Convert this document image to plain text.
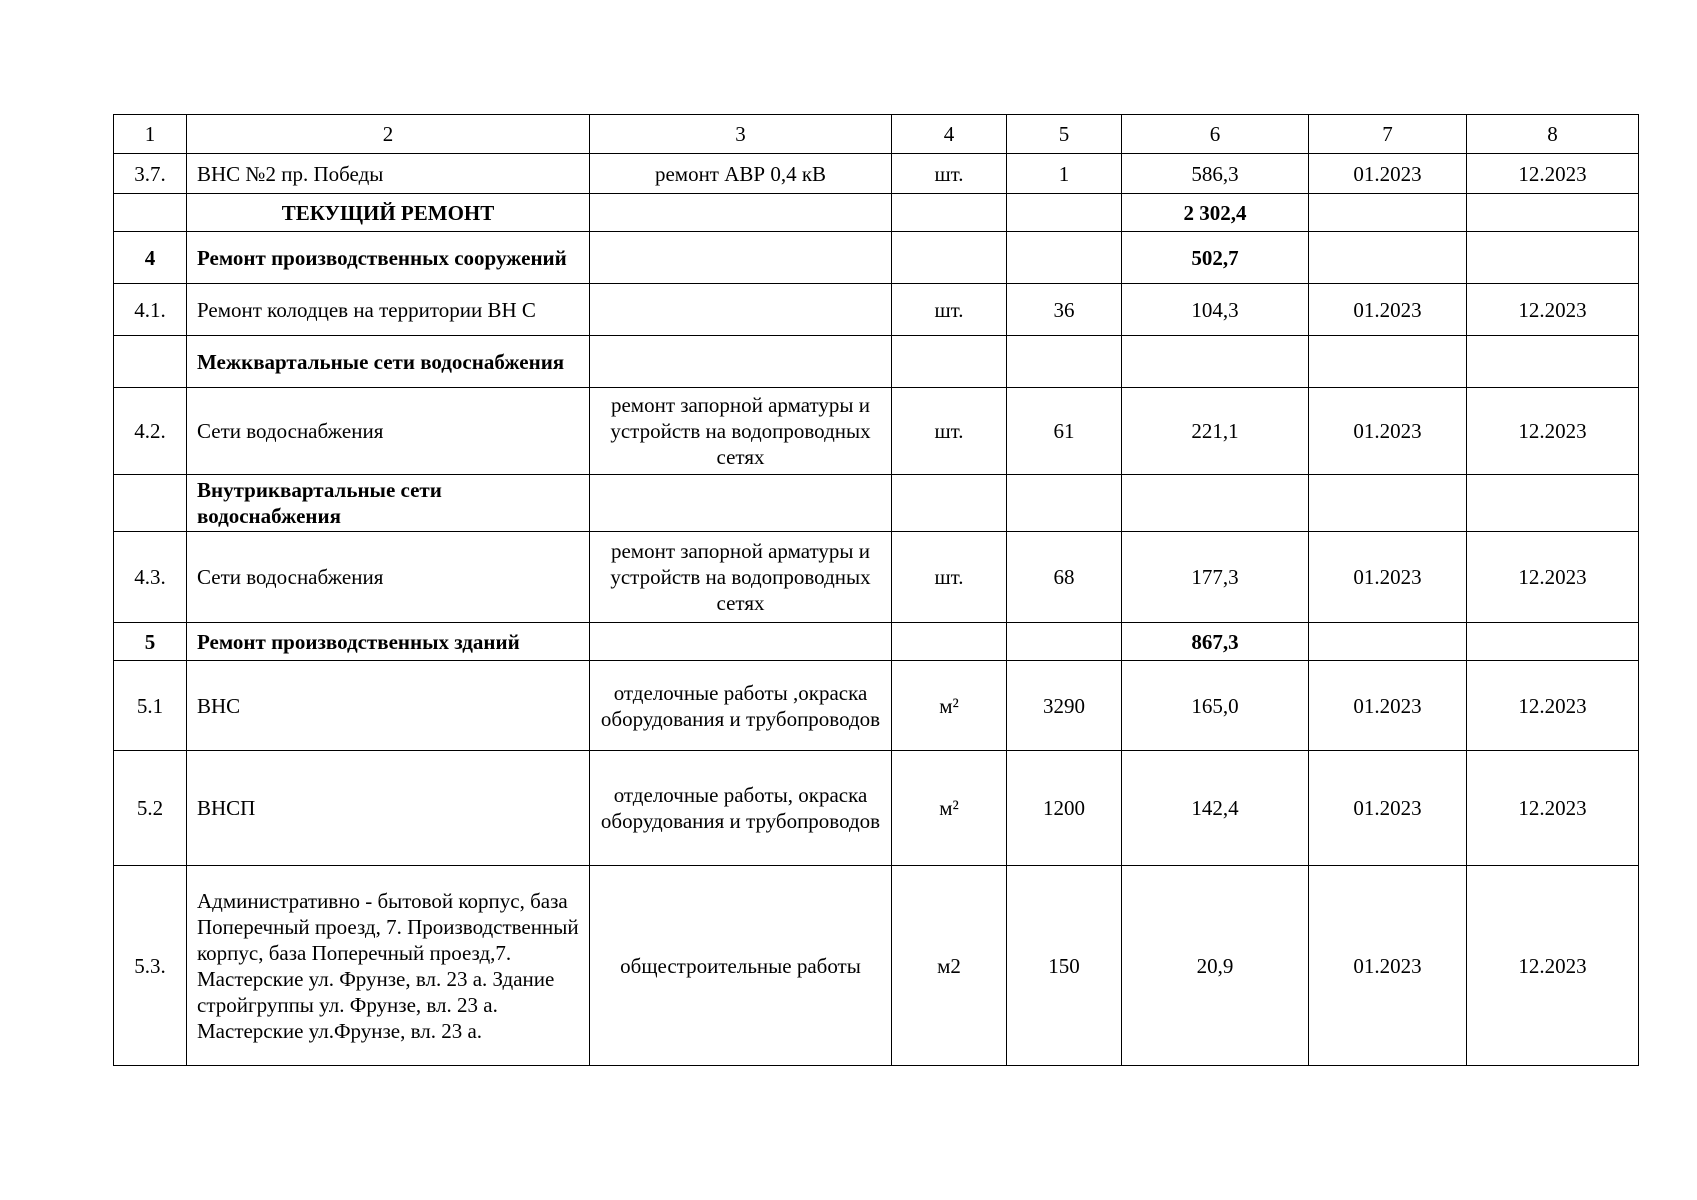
1	2	3	4	5	6	7	8
3.7.	ВНС №2 пр. Победы	ремонт АВР 0,4 кВ	шт.	1	586,3	01.2023	12.2023
	ТЕКУЩИЙ РЕМОНТ				2 302,4		
4	Ремонт производственных сооружений				502,7		
4.1.	Ремонт колодцев на территории ВН С		шт.	36	104,3	01.2023	12.2023
	Межквартальные сети водоснабжения						
4.2.	Сети водоснабжения	ремонт запорной арматуры и устройств на водопроводных сетях	шт.	61	221,1	01.2023	12.2023
	Внутриквартальные сети водоснабжения						
4.3.	Сети водоснабжения	ремонт запорной арматуры и устройств на водопроводных сетях	шт.	68	177,3	01.2023	12.2023
5	Ремонт производственных зданий				867,3		
5.1	ВНС	отделочные работы ,окраска оборудования и трубопроводов	м²	3290	165,0	01.2023	12.2023
5.2	ВНСП	отделочные работы, окраска оборудования и трубопроводов	м²	1200	142,4	01.2023	12.2023
5.3.	Административно - бытовой корпус, база Поперечный проезд, 7. Производственный корпус, база Поперечный проезд,7. Мастерские ул. Фрунзе, вл. 23 а. Здание стройгруппы ул. Фрунзе, вл. 23 а. Мастерские ул.Фрунзе, вл. 23 а.	общестроительные работы	м2	150	20,9	01.2023	12.2023
